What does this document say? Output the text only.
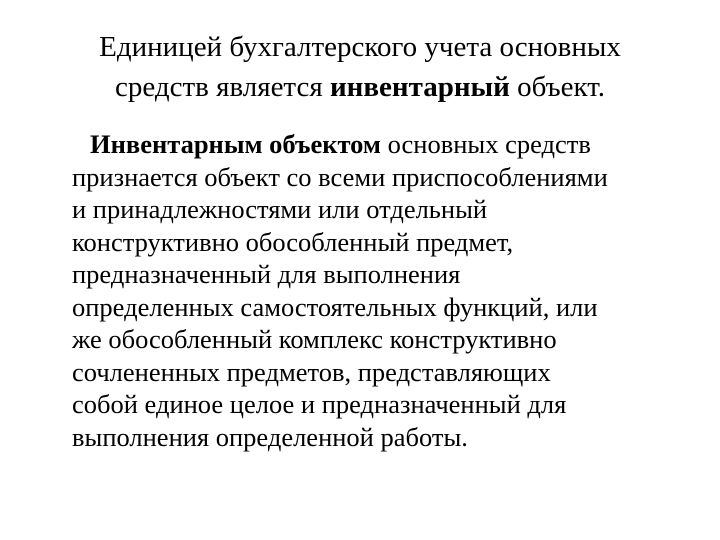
Единицей бухгалтерского учета основных
средств является инвентарный объект.
Инвентарным объектом основных средств
признается объект со всеми приспособлениями
и принадлежностями или отдельный
конструктивно обособленный предмет,
предназначенный для выполнения
определенных самостоятельных функций, или
же обособленный комплекс конструктивно
сочлененных предметов, представляющих
собой единое целое и предназначенный для
выполнения определенной работы.
